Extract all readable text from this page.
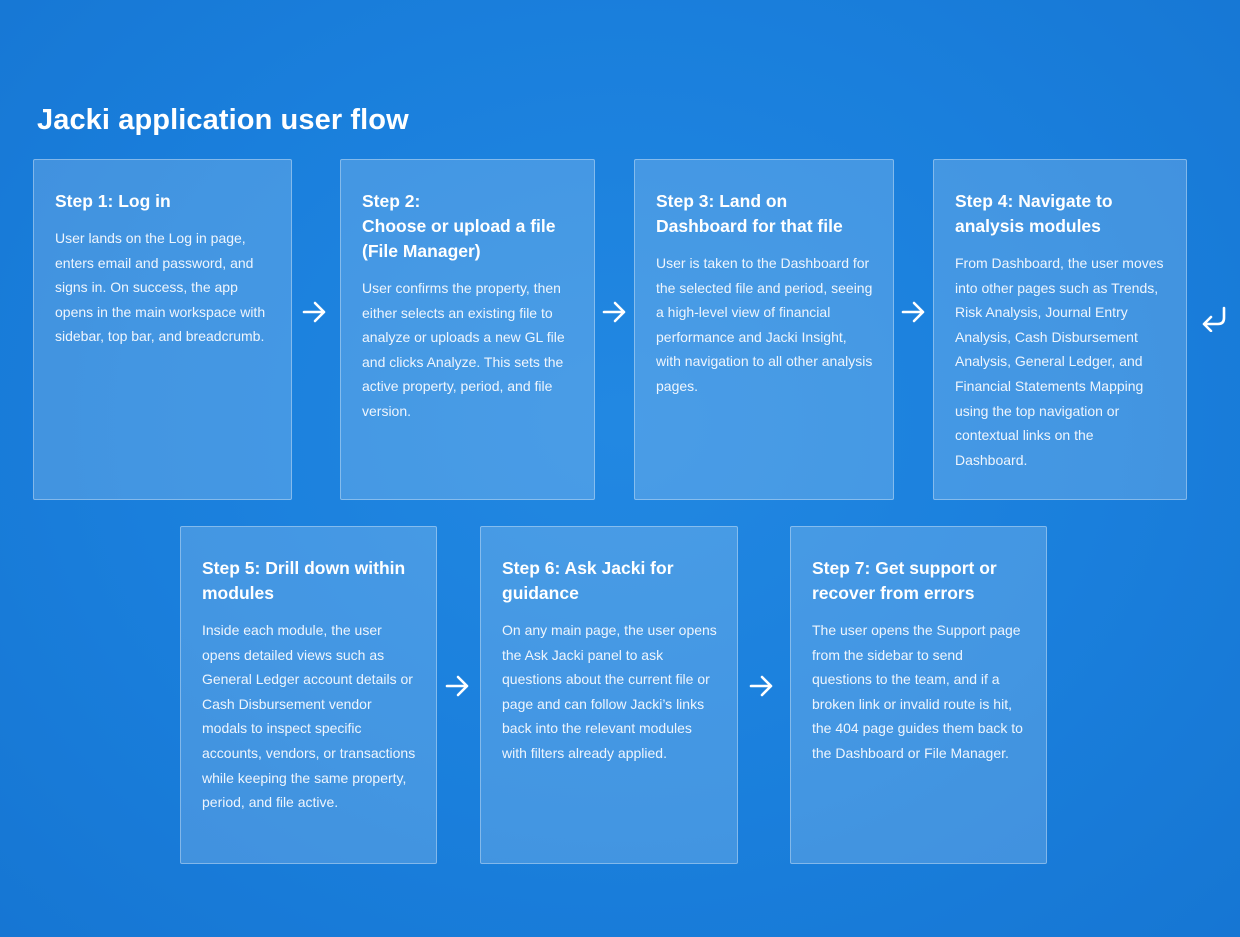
Jacki application user flow
Step 1: Log in

User lands on the Log in page, enters email and password, and signs in. On success, the app opens in the main workspace with sidebar, top bar, and breadcrumb.

Step 2:
Choose or upload a file (File Manager)

User confirms the property, then either selects an existing file to analyze or uploads a new GL file and clicks Analyze. This sets the active property, period, and file version.

Step 3: Land on Dashboard for that file

User is taken to the Dashboard for the selected file and period, seeing a high-level view of financial performance and Jacki Insight, with navigation to all other analysis pages.

Step 4: Navigate to analysis modules

From Dashboard, the user moves into other pages such as Trends, Risk Analysis, Journal Entry Analysis, Cash Disbursement Analysis, General Ledger, and Financial Statements Mapping using the top navigation or contextual links on the Dashboard.

Step 5: Drill down within modules

Inside each module, the user opens detailed views such as General Ledger account details or Cash Disbursement vendor modals to inspect specific accounts, vendors, or transactions while keeping the same property, period, and file active.

Step 6: Ask Jacki for guidance

On any main page, the user opens the Ask Jacki panel to ask questions about the current file or page and can follow Jacki’s links back into the relevant modules with filters already applied.

Step 7: Get support or recover from errors

The user opens the Support page from the sidebar to send questions to the team, and if a broken link or invalid route is hit, the 404 page guides them back to the Dashboard or File Manager.
